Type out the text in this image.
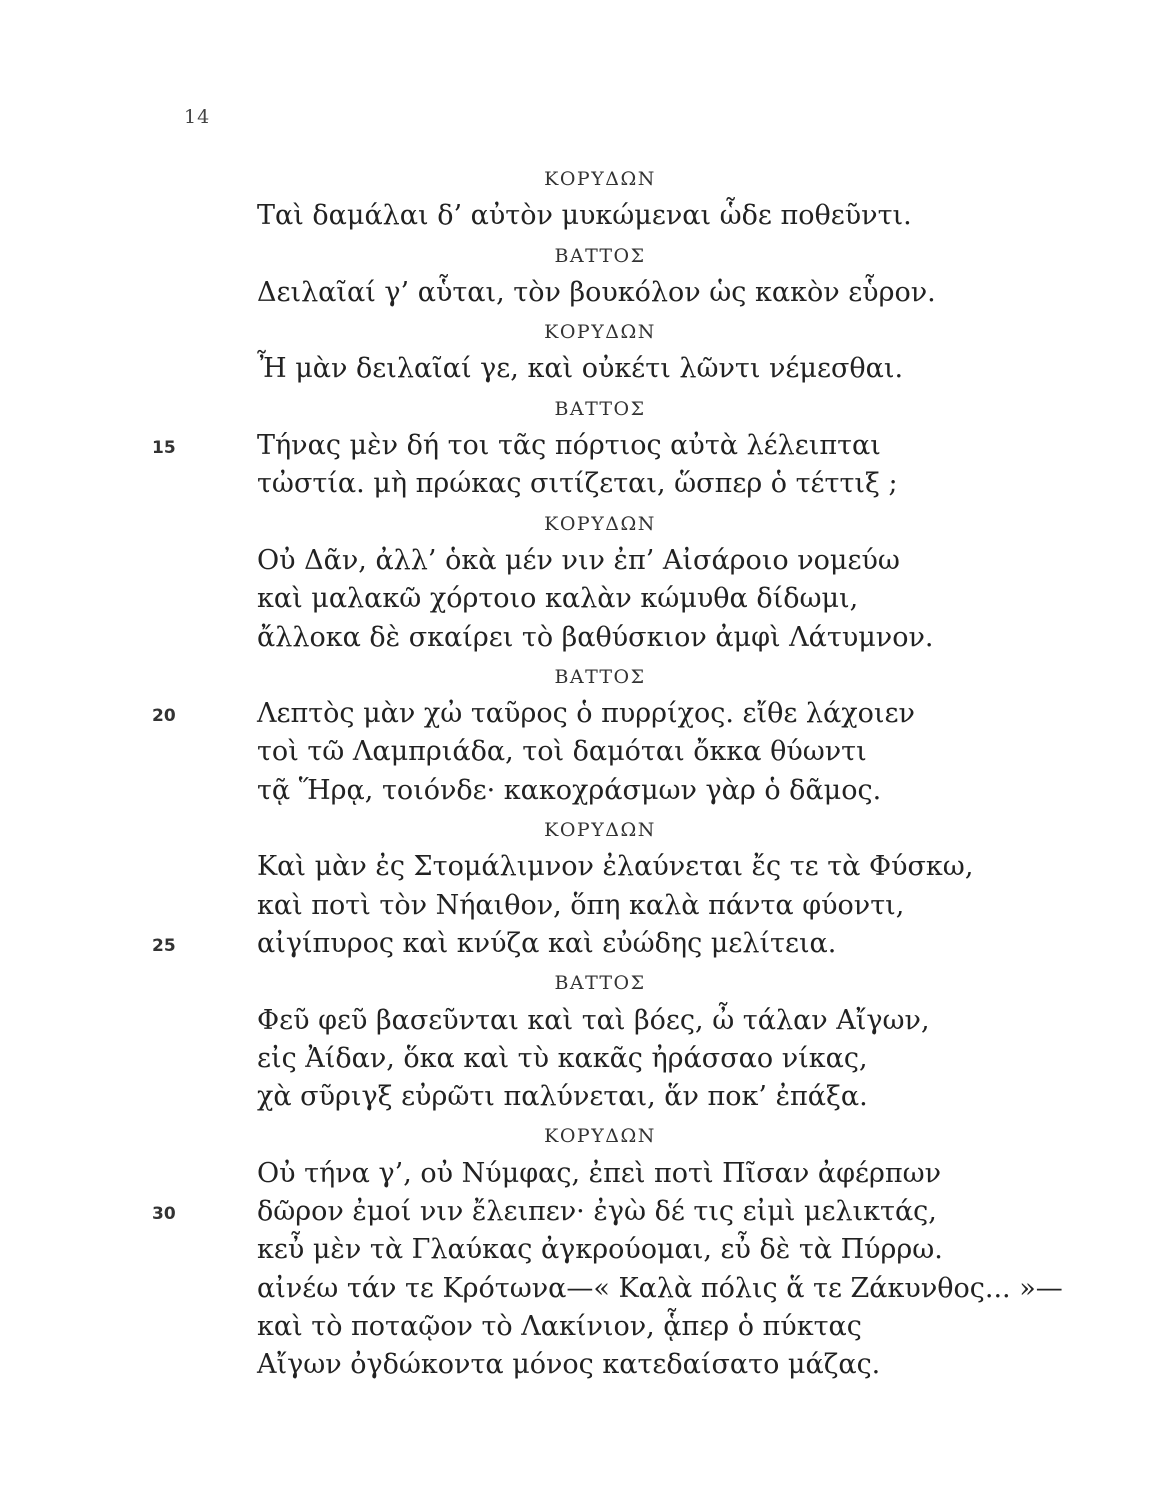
14
ΚΟΡΥΔΩΝ
Ταὶ δαμάλαι δ’ αὐτὸν μυκώμεναι ὧδε ποθεῦντι.
ΒΑΤΤΟΣ
Δειλαῖαί γ’ αὗται, τὸν βουκόλον ὡς κακὸν εὗρον.
ΚΟΡΥΔΩΝ
Ἦ μὰν δειλαῖαί γε, καὶ οὐκέτι λῶντι νέμεσθαι.
ΒΑΤΤΟΣ
15	Τήνας μὲν δή τοι τᾶς πόρτιος αὐτὰ λέλειπται
τὠστία. μὴ πρώκας σιτίζεται, ὥσπερ ὁ τέττιξ ;
ΚΟΡΥΔΩΝ
Οὐ Δᾶν, ἀλλ’ ὁκὰ μέν νιν ἐπ’ Αἰσάροιο νομεύω
καὶ μαλακῶ χόρτοιο καλὰν κώμυθα δίδωμι,
ἄλλοκα δὲ σκαίρει τὸ βαθύσκιον ἀμφὶ Λάτυμνον.
ΒΑΤΤΟΣ
20	Λεπτὸς μὰν χὠ ταῦρος ὁ πυρρίχος. εἴθε λάχοιεν
τοὶ τῶ Λαμπριάδα, τοὶ δαμόται ὄκκα θύωντι
τᾷ Ἥρᾳ, τοιόνδε· κακοχράσμων γὰρ ὁ δᾶμος.
ΚΟΡΥΔΩΝ
Καὶ μὰν ἐς Στομάλιμνον ἐλαύνεται ἔς τε τὰ Φύσκω,
καὶ ποτὶ τὸν Νήαιθον, ὅπη καλὰ πάντα φύοντι,
25	αἰγίπυρος καὶ κνύζα καὶ εὐώδης μελίτεια.
ΒΑΤΤΟΣ
Φεῦ φεῦ βασεῦνται καὶ ταὶ βόες, ὦ τάλαν Αἴγων,
εἰς Ἀίδαν, ὅκα καὶ τὺ κακᾶς ἠράσσαο νίκας,
χὰ σῦριγξ εὐρῶτι παλύνεται, ἅν ποκ’ ἐπάξα.
ΚΟΡΥΔΩΝ
Οὐ τήνα γ’, οὐ Νύμφας, ἐπεὶ ποτὶ Πῖσαν ἀφέρπων
30	δῶρον ἐμοί νιν ἔλειπεν· ἐγὼ δέ τις εἰμὶ μελικτάς,
κεὖ μὲν τὰ Γλαύκας ἀγκρούομαι, εὖ δὲ τὰ Πύρρω.
αἰνέω τάν τε Κρότωνα—« Καλὰ πόλις ἅ τε Ζάκυνθος... »—
καὶ τὸ ποταῷον τὸ Λακίνιον, ᾇπερ ὁ πύκτας
Αἴγων ὀγδώκοντα μόνος κατεδαίσατο μάζας.
